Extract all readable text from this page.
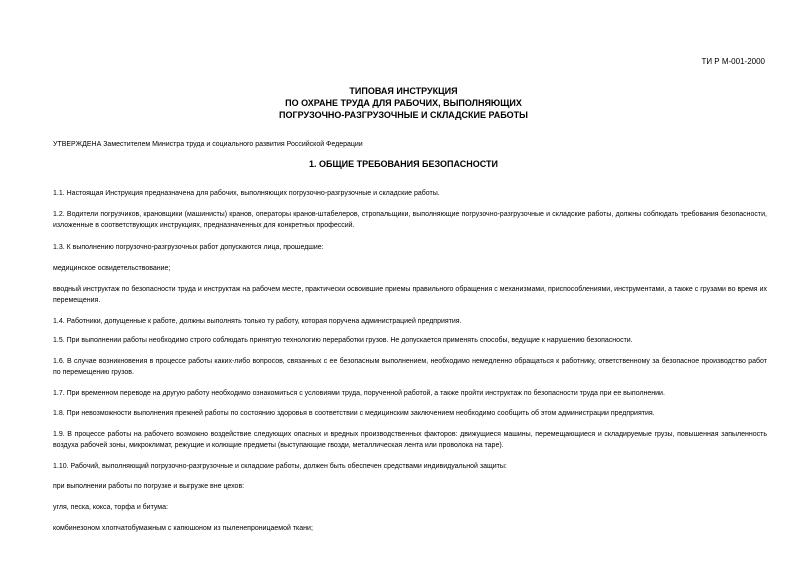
ТИ Р М-001-2000
ТИПОВАЯ ИНСТРУКЦИЯ
ПО ОХРАНЕ ТРУДА ДЛЯ РАБОЧИХ, ВЫПОЛНЯЮЩИХ
ПОГРУЗОЧНО-РАЗГРУЗОЧНЫЕ И СКЛАДСКИЕ РАБОТЫ
УТВЕРЖДЕНА Заместителем Министра труда и социального развития Российской Федерации
1. ОБЩИЕ ТРЕБОВАНИЯ БЕЗОПАСНОСТИ
1.1. Настоящая Инструкция предназначена для рабочих, выполняющих погрузочно-разгрузочные и складские работы.
1.2. Водители погрузчиков, крановщики (машинисты) кранов, операторы кранов-штабелеров, стропальщики, выполняющие погрузочно-разгрузочные и складские работы, должны соблюдать требования безопасности, изложенные в соответствующих инструкциях, предназначенных для конкретных профессий.
1.3. К выполнению погрузочно-разгрузочных работ допускаются лица, прошедшие:
медицинское освидетельствование;
вводный инструктаж по безопасности труда и инструктаж на рабочем месте, практически освоившие приемы правильного обращения с механизмами, приспособлениями, инструментами, а также с грузами во время их перемещения.
1.4. Работники, допущенные к работе, должны выполнять только ту работу, которая поручена администрацией предприятия.
1.5. При выполнении работы необходимо строго соблюдать принятую технологию переработки грузов. Не допускается применять способы, ведущие к нарушению безопасности.
1.6. В случае возникновения в процессе работы каких-либо вопросов, связанных с ее безопасным выполнением, необходимо немедленно обращаться к работнику, ответственному за безопасное производство работ по перемещению грузов.
1.7. При временном переводе на другую работу необходимо ознакомиться с условиями труда, порученной работой, а также пройти инструктаж по безопасности труда при ее выполнении.
1.8. При невозможности выполнения прежней работы по состоянию здоровья в соответствии с медицинским заключением необходимо сообщить об этом администрации предприятия.
1.9. В процессе работы на рабочего возможно воздействие следующих опасных и вредных производственных факторов: движущиеся машины, перемещающиеся и складируемые грузы, повышенная запыленность воздуха рабочей зоны, микроклимат, режущие и колющие предметы (выступающие гвозди, металлическая лента или проволока на таре).
1.10. Рабочий, выполняющий погрузочно-разгрузочные и складские работы, должен быть обеспечен средствами индивидуальной защиты:
при выполнении работы по погрузке и выгрузке вне цехов:
угля, песка, кокса, торфа и битума:
комбинезоном хлопчатобумажным с капюшоном из пыленепроницаемой ткани;
